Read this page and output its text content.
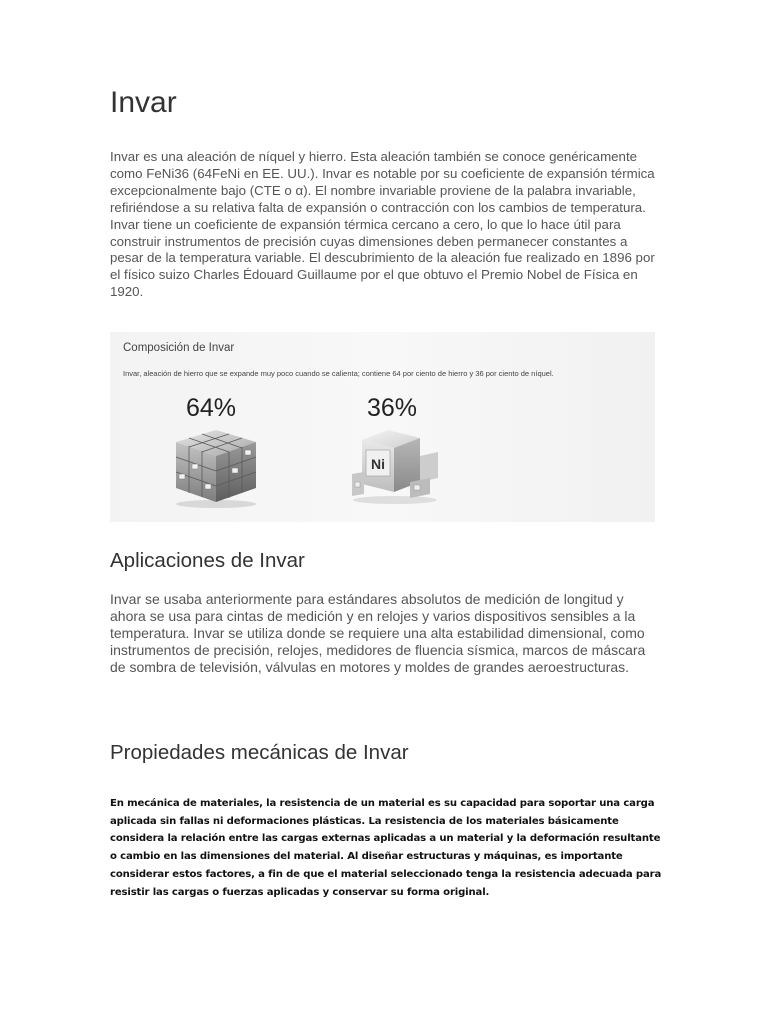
Invar

Invar es una aleación de níquel y hierro. Esta aleación también se conoce genéricamente como FeNi36 (64FeNi en EE. UU.). Invar es notable por su coeficiente de expansión térmica excepcionalmente bajo (CTE o α). El nombre invariable proviene de la palabra invariable, refiriéndose a su relativa falta de expansión o contracción con los cambios de temperatura. Invar tiene un coeficiente de expansión térmica cercano a cero, lo que lo hace útil para construir instrumentos de precisión cuyas dimensiones deben permanecer constantes a pesar de la temperatura variable. El descubrimiento de la aleación fue realizado en 1896 por el físico suizo Charles Édouard Guillaume por el que obtuvo el Premio Nobel de Física en 1920.

Composición de Invar
Invar, aleación de hierro que se expande muy poco cuando se calienta; contiene 64 por ciento de hierro y 36 por ciento de níquel.
64%	36%
Ni
Aplicaciones de Invar

Invar se usaba anteriormente para estándares absolutos de medición de longitud y ahora se usa para cintas de medición y en relojes y varios dispositivos sensibles a la temperatura. Invar se utiliza donde se requiere una alta estabilidad dimensional, como instrumentos de precisión, relojes, medidores de fluencia sísmica, marcos de máscara de sombra de televisión, válvulas en motores y moldes de grandes aeroestructuras.

Propiedades mecánicas de Invar

En mecánica de materiales, la resistencia de un material es su capacidad para soportar una carga aplicada sin fallas ni deformaciones plásticas. La resistencia de los materiales básicamente considera la relación entre las cargas externas aplicadas a un material y la deformación resultante o cambio en las dimensiones del material. Al diseñar estructuras y máquinas, es importante considerar estos factores, a fin de que el material seleccionado tenga la resistencia adecuada para resistir las cargas o fuerzas aplicadas y conservar su forma original.
